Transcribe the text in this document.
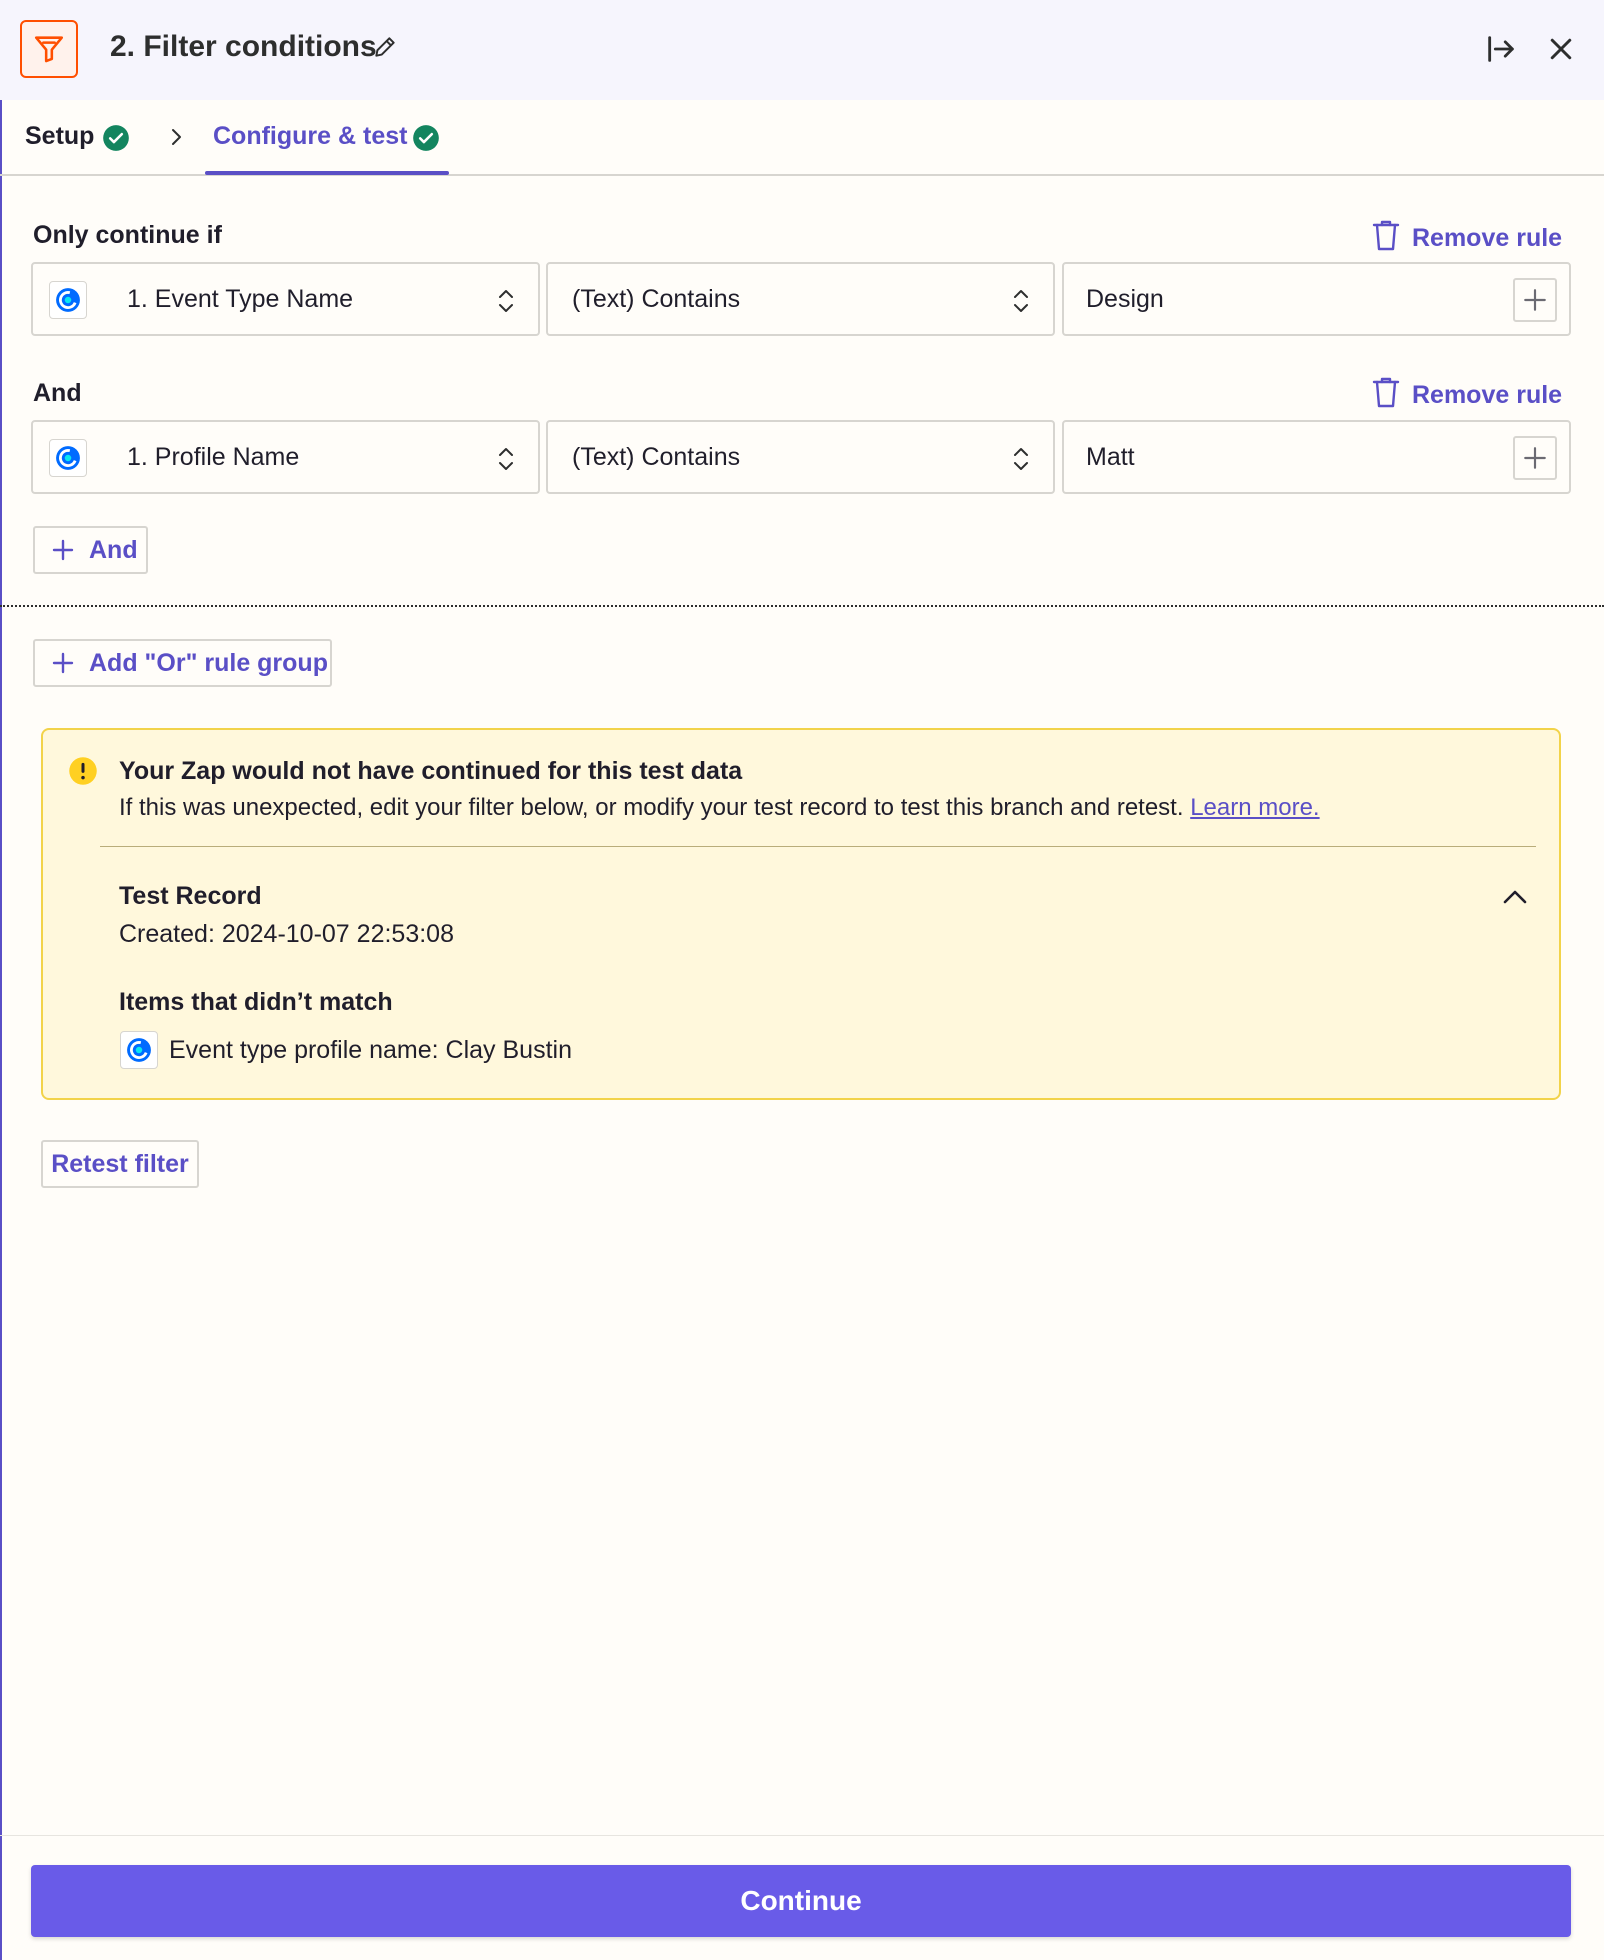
2. Filter conditions
Setup	Configure & test
Only continue if	Remove rule
1. Event Type Name	(Text) Contains	Design
And	Remove rule
1. Profile Name	(Text) Contains	Matt
And
Add "Or" rule group
Your Zap would not have continued for this test data
If this was unexpected, edit your filter below, or modify your test record to test this branch and retest. Learn more.
Test Record
Created: 2024-10-07 22:53:08
Items that didn’t match
Event type profile name: Clay Bustin
Retest filter
Continue
